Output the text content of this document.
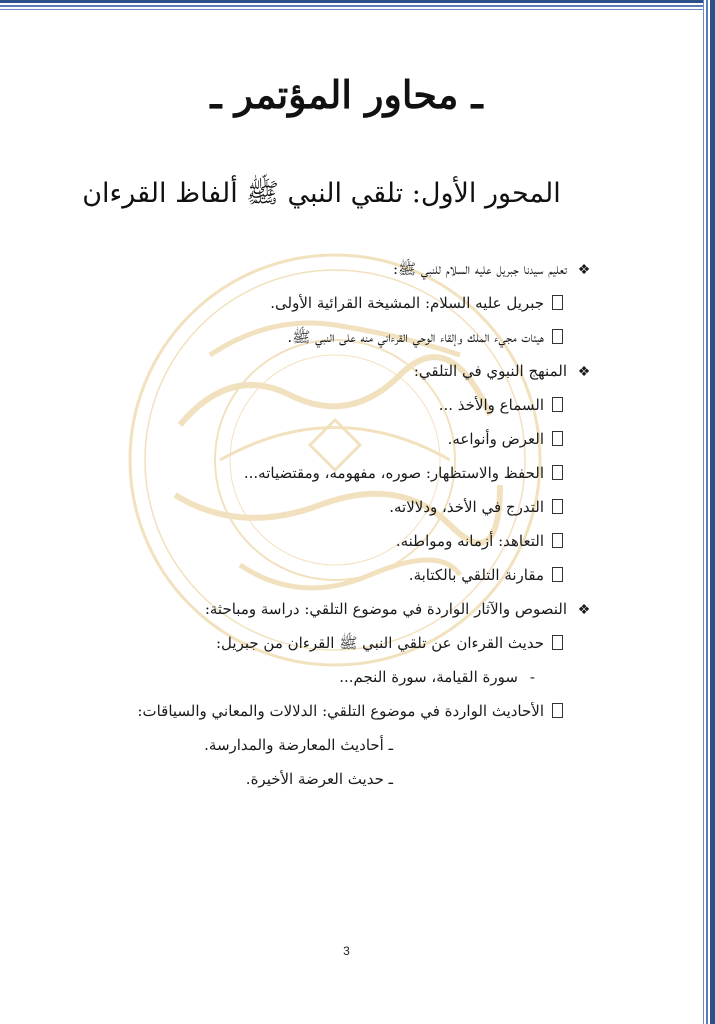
ـ محاور المؤتمر ـ
المحور الأول: تلقي النبي ﷺ ألفاظ القرءان
❖تعليم سيدنا جبريل عليه السلام للنبي ﷺ:
جبريل عليه السلام: المشيخة القرائية الأولى.
هيئات مجيء الملك وإلقاء الوحي القرءاني منه على النبي ﷺ.
❖المنهج النبوي في التلقي:
السماع والأخذ ...
العرض وأنواعه.
الحفظ والاستظهار: صوره، مفهومه، ومقتضياته...
التدرج في الأخذ، ودلالاته.
التعاهد: أزمانه ومواطنه.
مقارنة التلقي بالكتابة.
❖النصوص والآثار الواردة في موضوع التلقي: دراسة ومباحثة:
حديث القرءان عن تلقي النبي ﷺ القرءان من جبريل:
-سورة القيامة، سورة النجم...
الأحاديث الواردة في موضوع التلقي: الدلالات والمعاني والسياقات:
ـ أحاديث المعارضة والمدارسة.
ـ حديث العرضة الأخيرة.
3
